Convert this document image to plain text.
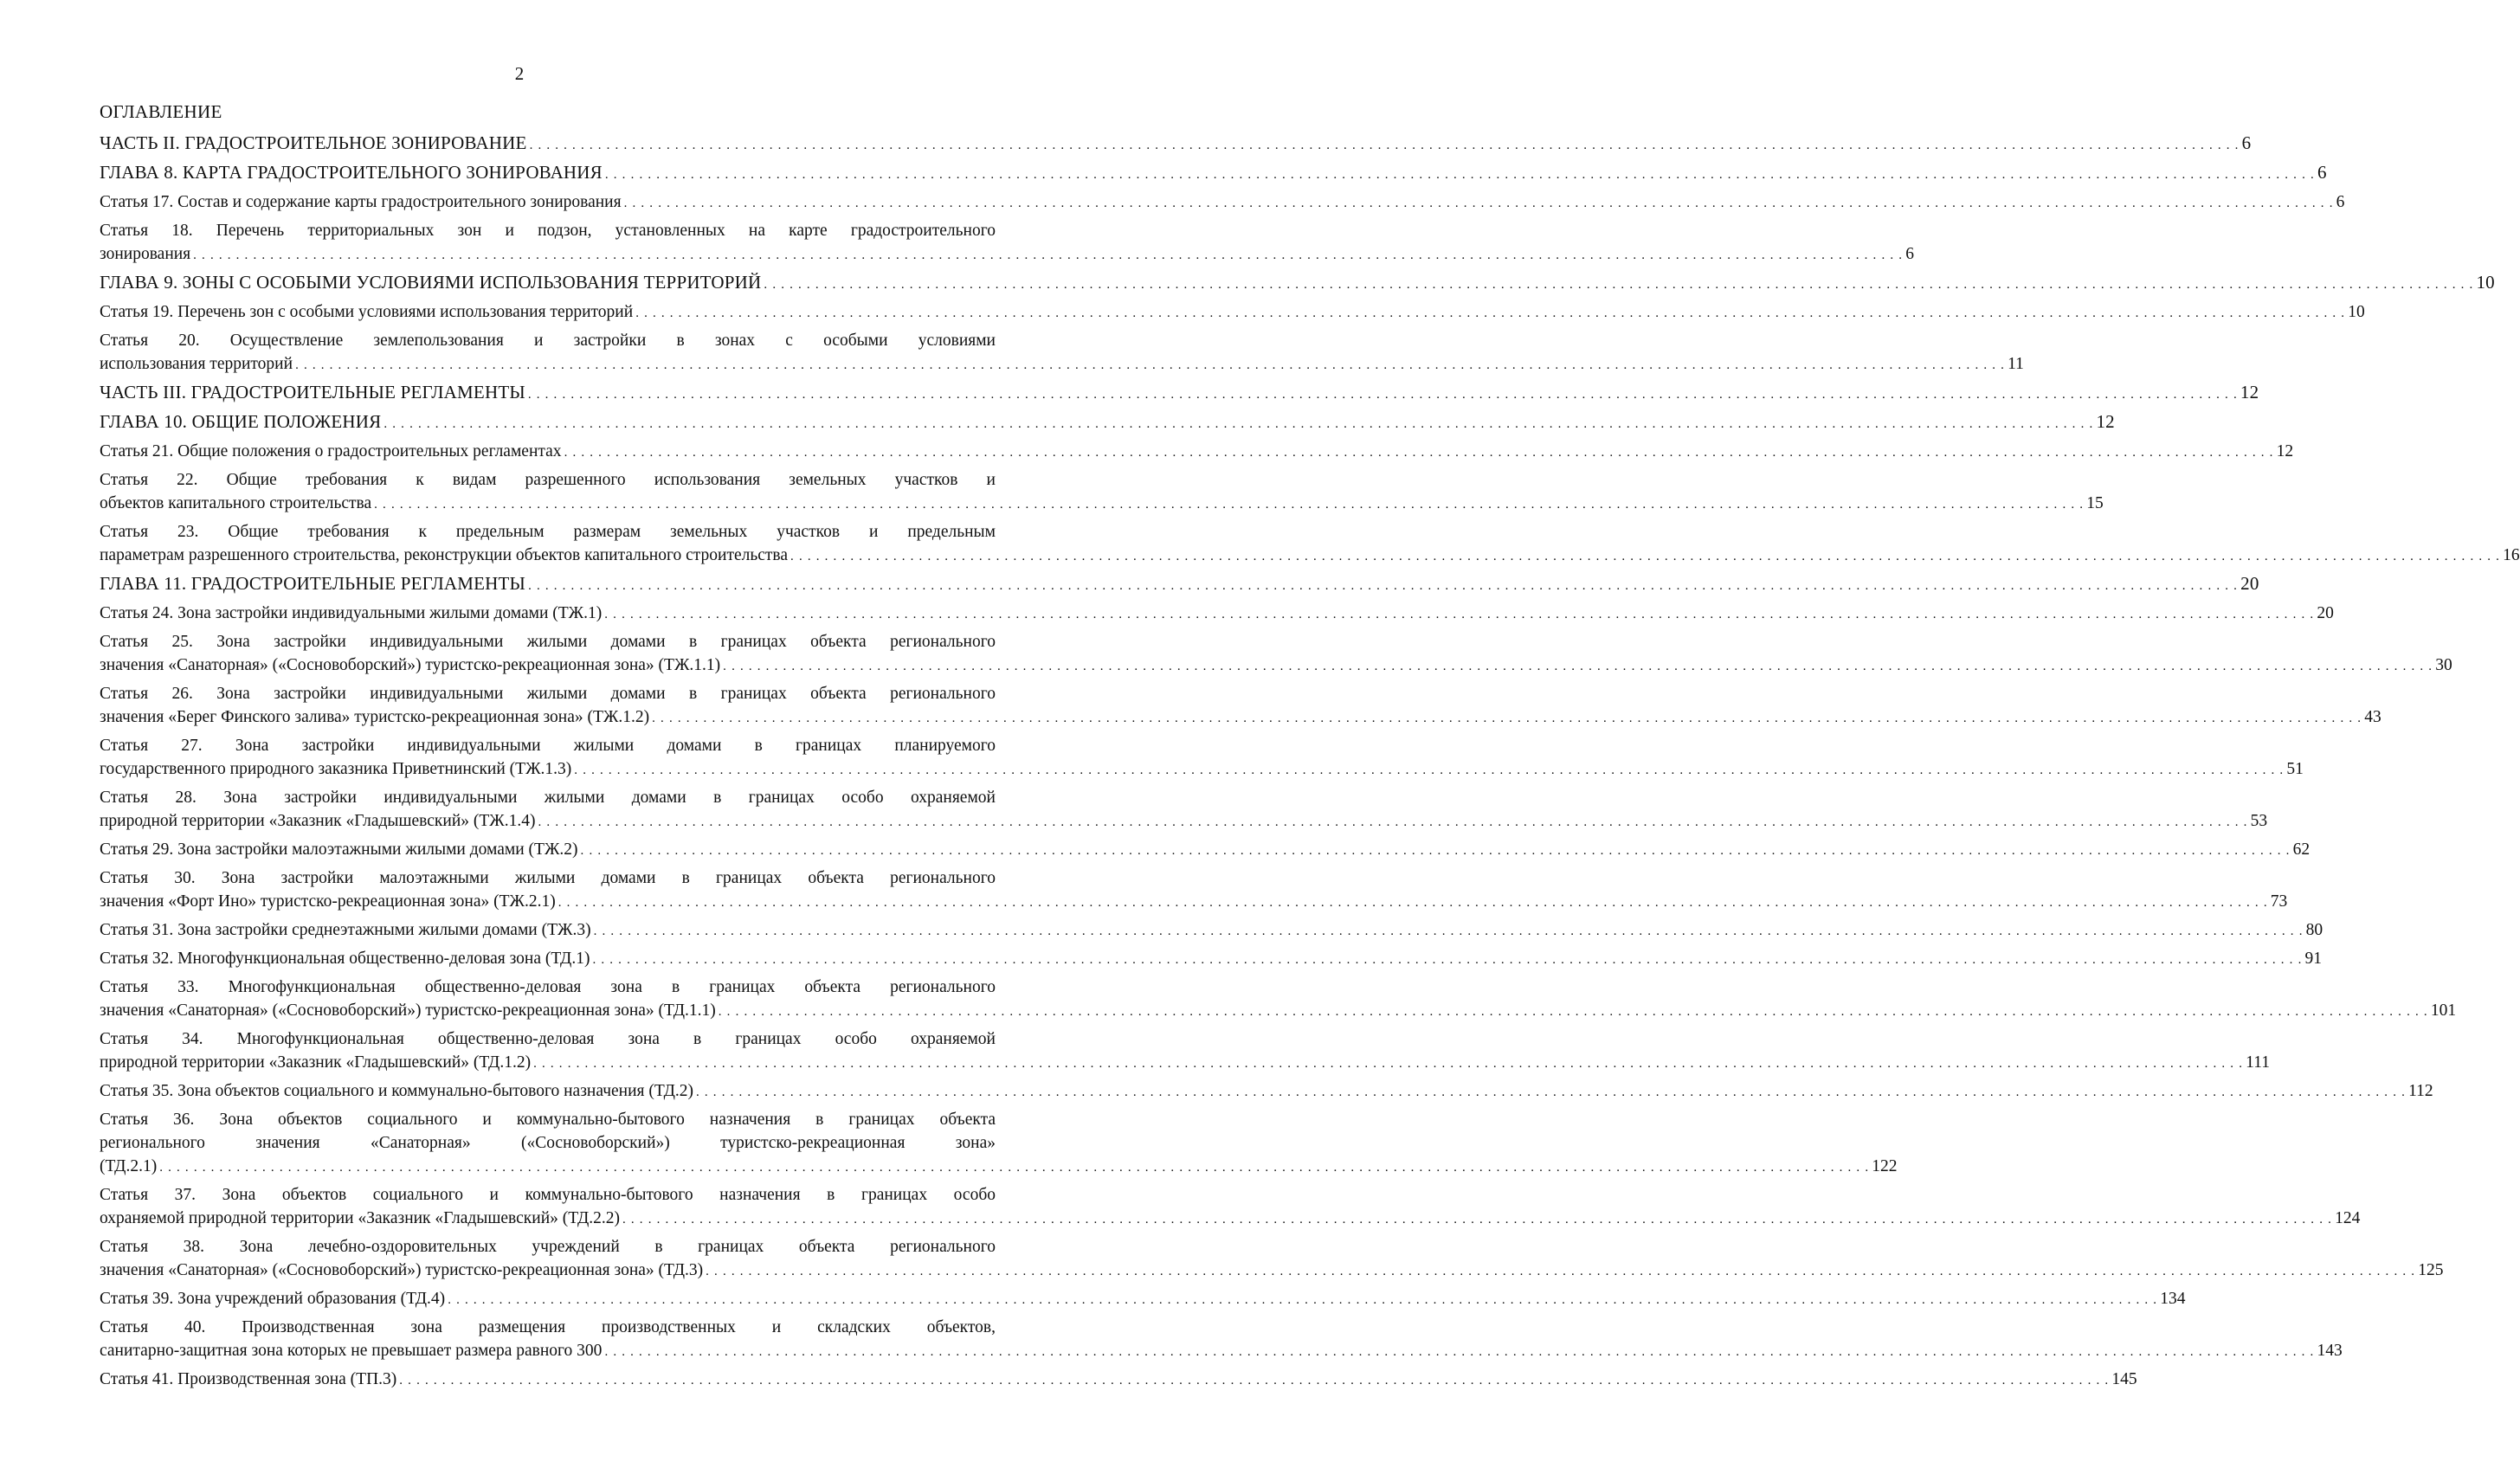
2
ОГЛАВЛЕНИЕ
ЧАСТЬ II. ГРАДОСТРОИТЕЛЬНОЕ ЗОНИРОВАНИЕ . . . . . . . . . . . . . . . . . . . . . . . . . . . . . . . . . . . . . . . . . . . . . . . . . . . . . . . . . . . . . . . . . . . . . . . . . . . . . . . . . . . . . . . . . . . . . . . . . . . . . . . . . . . . . . . . . . . . . . . . . . . . . . . . . . . . . . . . . . . . . . . . . . . . . . . . . . . . . . . . . . . . . . . . . . . . . . . . . . . . . . . . . . . . . . . . . . . . . . . . 6
ГЛАВА 8. КАРТА ГРАДОСТРОИТЕЛЬНОГО ЗОНИРОВАНИЯ . . . . . . . . . . . . . . . . . . . . . . . . . . . . . . . . . . . . . . . . . . . . . . . . . . . . . . . . . . . . . . . . . . . . . . . . . . . . . . . . . . . . . . . . . . . . . . . . . . . . . . . . . . . . . . . . . . . . . . . . . . . . . . . . . . . . . . . . . . . . . . . . . . . . . . . . . . . . . . . . . . . . . . . . . . . . . . . . . . . . . . . . . . . . . . . . . . . . . . . . 6
Статья 17. Состав и содержание карты градостроительного зонирования . . . . . . . . . . . . . . . . . . . . . . . . . . . . . . . . . . . . . . . . . . . . . . . . . . . . . . . . . . . . . . . . . . . . . . . . . . . . . . . . . . . . . . . . . . . . . . . . . . . . . . . . . . . . . . . . . . . . . . . . . . . . . . . . . . . . . . . . . . . . . . . . . . . . . . . . . . . . . . . . . . . . . . . . . . . . . . . . . . . . . . . . . . . . . . . . . . . . . . . . 6
Статья 18. Перечень территориальных зон и подзон, установленных на карте градостроительного
зонирования . . . . . . . . . . . . . . . . . . . . . . . . . . . . . . . . . . . . . . . . . . . . . . . . . . . . . . . . . . . . . . . . . . . . . . . . . . . . . . . . . . . . . . . . . . . . . . . . . . . . . . . . . . . . . . . . . . . . . . . . . . . . . . . . . . . . . . . . . . . . . . . . . . . . . . . . . . . . . . . . . . . . . . . . . . . . . . . . . . . . . . . . . . . . . . . . . . . . . . . . 6
ГЛАВА 9. ЗОНЫ С ОСОБЫМИ УСЛОВИЯМИ ИСПОЛЬЗОВАНИЯ ТЕРРИТОРИЙ . . . . . . . . . . . . . . . . . . . . . . . . . . . . . . . . . . . . . . . . . . . . . . . . . . . . . . . . . . . . . . . . . . . . . . . . . . . . . . . . . . . . . . . . . . . . . . . . . . . . . . . . . . . . . . . . . . . . . . . . . . . . . . . . . . . . . . . . . . . . . . . . . . . . . . . . . . . . . . . . . . . . . . . . . . . . . . . . . . . . . . . . . . . . . . . . . . . . . . . . 10
Статья 19. Перечень зон с особыми условиями использования территорий . . . . . . . . . . . . . . . . . . . . . . . . . . . . . . . . . . . . . . . . . . . . . . . . . . . . . . . . . . . . . . . . . . . . . . . . . . . . . . . . . . . . . . . . . . . . . . . . . . . . . . . . . . . . . . . . . . . . . . . . . . . . . . . . . . . . . . . . . . . . . . . . . . . . . . . . . . . . . . . . . . . . . . . . . . . . . . . . . . . . . . . . . . . . . . . . . . . . . . . . 10
Статья 20. Осуществление землепользования и застройки в зонах с особыми условиями
использования территорий . . . . . . . . . . . . . . . . . . . . . . . . . . . . . . . . . . . . . . . . . . . . . . . . . . . . . . . . . . . . . . . . . . . . . . . . . . . . . . . . . . . . . . . . . . . . . . . . . . . . . . . . . . . . . . . . . . . . . . . . . . . . . . . . . . . . . . . . . . . . . . . . . . . . . . . . . . . . . . . . . . . . . . . . . . . . . . . . . . . . . . . . . . . . . . . . . . . . . . . . 11
ЧАСТЬ III. ГРАДОСТРОИТЕЛЬНЫЕ РЕГЛАМЕНТЫ . . . . . . . . . . . . . . . . . . . . . . . . . . . . . . . . . . . . . . . . . . . . . . . . . . . . . . . . . . . . . . . . . . . . . . . . . . . . . . . . . . . . . . . . . . . . . . . . . . . . . . . . . . . . . . . . . . . . . . . . . . . . . . . . . . . . . . . . . . . . . . . . . . . . . . . . . . . . . . . . . . . . . . . . . . . . . . . . . . . . . . . . . . . . . . . . . . . . . . . . 12
ГЛАВА 10. ОБЩИЕ ПОЛОЖЕНИЯ . . . . . . . . . . . . . . . . . . . . . . . . . . . . . . . . . . . . . . . . . . . . . . . . . . . . . . . . . . . . . . . . . . . . . . . . . . . . . . . . . . . . . . . . . . . . . . . . . . . . . . . . . . . . . . . . . . . . . . . . . . . . . . . . . . . . . . . . . . . . . . . . . . . . . . . . . . . . . . . . . . . . . . . . . . . . . . . . . . . . . . . . . . . . . . . . . . . . . . . . 12
Статья 21. Общие положения о градостроительных регламентах . . . . . . . . . . . . . . . . . . . . . . . . . . . . . . . . . . . . . . . . . . . . . . . . . . . . . . . . . . . . . . . . . . . . . . . . . . . . . . . . . . . . . . . . . . . . . . . . . . . . . . . . . . . . . . . . . . . . . . . . . . . . . . . . . . . . . . . . . . . . . . . . . . . . . . . . . . . . . . . . . . . . . . . . . . . . . . . . . . . . . . . . . . . . . . . . . . . . . . . . 12
Статья 22. Общие требования к видам разрешенного использования земельных участков и
объектов капитального строительства . . . . . . . . . . . . . . . . . . . . . . . . . . . . . . . . . . . . . . . . . . . . . . . . . . . . . . . . . . . . . . . . . . . . . . . . . . . . . . . . . . . . . . . . . . . . . . . . . . . . . . . . . . . . . . . . . . . . . . . . . . . . . . . . . . . . . . . . . . . . . . . . . . . . . . . . . . . . . . . . . . . . . . . . . . . . . . . . . . . . . . . . . . . . . . . . . . . . . . . . 15
Статья 23. Общие требования к предельным размерам земельных участков и предельным
параметрам разрешенного строительства, реконструкции объектов капитального строительства . . . . . . . . . . . . . . . . . . . . . . . . . . . . . . . . . . . . . . . . . . . . . . . . . . . . . . . . . . . . . . . . . . . . . . . . . . . . . . . . . . . . . . . . . . . . . . . . . . . . . . . . . . . . . . . . . . . . . . . . . . . . . . . . . . . . . . . . . . . . . . . . . . . . . . . . . . . . . . . . . . . . . . . . . . . . . . . . . . . . . . . . . . . . . . . . . . . . . . . . 16
ГЛАВА 11. ГРАДОСТРОИТЕЛЬНЫЕ РЕГЛАМЕНТЫ . . . . . . . . . . . . . . . . . . . . . . . . . . . . . . . . . . . . . . . . . . . . . . . . . . . . . . . . . . . . . . . . . . . . . . . . . . . . . . . . . . . . . . . . . . . . . . . . . . . . . . . . . . . . . . . . . . . . . . . . . . . . . . . . . . . . . . . . . . . . . . . . . . . . . . . . . . . . . . . . . . . . . . . . . . . . . . . . . . . . . . . . . . . . . . . . . . . . . . . . 20
Статья 24. Зона застройки индивидуальными жилыми домами (ТЖ.1) . . . . . . . . . . . . . . . . . . . . . . . . . . . . . . . . . . . . . . . . . . . . . . . . . . . . . . . . . . . . . . . . . . . . . . . . . . . . . . . . . . . . . . . . . . . . . . . . . . . . . . . . . . . . . . . . . . . . . . . . . . . . . . . . . . . . . . . . . . . . . . . . . . . . . . . . . . . . . . . . . . . . . . . . . . . . . . . . . . . . . . . . . . . . . . . . . . . . . . . . 20
Статья 25. Зона застройки индивидуальными жилыми домами в границах объекта регионального
значения «Санаторная» («Сосновоборский») туристско-рекреационная зона» (ТЖ.1.1) . . . . . . . . . . . . . . . . . . . . . . . . . . . . . . . . . . . . . . . . . . . . . . . . . . . . . . . . . . . . . . . . . . . . . . . . . . . . . . . . . . . . . . . . . . . . . . . . . . . . . . . . . . . . . . . . . . . . . . . . . . . . . . . . . . . . . . . . . . . . . . . . . . . . . . . . . . . . . . . . . . . . . . . . . . . . . . . . . . . . . . . . . . . . . . . . . . . . . . . . 30
Статья 26. Зона застройки индивидуальными жилыми домами в границах объекта регионального
значения «Берег Финского залива» туристско-рекреационная зона» (ТЖ.1.2) . . . . . . . . . . . . . . . . . . . . . . . . . . . . . . . . . . . . . . . . . . . . . . . . . . . . . . . . . . . . . . . . . . . . . . . . . . . . . . . . . . . . . . . . . . . . . . . . . . . . . . . . . . . . . . . . . . . . . . . . . . . . . . . . . . . . . . . . . . . . . . . . . . . . . . . . . . . . . . . . . . . . . . . . . . . . . . . . . . . . . . . . . . . . . . . . . . . . . . . . 43
Статья 27. Зона застройки индивидуальными жилыми домами в границах планируемого
государственного природного заказника Приветнинский (ТЖ.1.3) . . . . . . . . . . . . . . . . . . . . . . . . . . . . . . . . . . . . . . . . . . . . . . . . . . . . . . . . . . . . . . . . . . . . . . . . . . . . . . . . . . . . . . . . . . . . . . . . . . . . . . . . . . . . . . . . . . . . . . . . . . . . . . . . . . . . . . . . . . . . . . . . . . . . . . . . . . . . . . . . . . . . . . . . . . . . . . . . . . . . . . . . . . . . . . . . . . . . . . . . 51
Статья 28. Зона застройки индивидуальными жилыми домами в границах особо охраняемой
природной территории «Заказник «Гладышевский» (ТЖ.1.4) . . . . . . . . . . . . . . . . . . . . . . . . . . . . . . . . . . . . . . . . . . . . . . . . . . . . . . . . . . . . . . . . . . . . . . . . . . . . . . . . . . . . . . . . . . . . . . . . . . . . . . . . . . . . . . . . . . . . . . . . . . . . . . . . . . . . . . . . . . . . . . . . . . . . . . . . . . . . . . . . . . . . . . . . . . . . . . . . . . . . . . . . . . . . . . . . . . . . . . . . 53
Статья 29. Зона застройки малоэтажными жилыми домами (ТЖ.2) . . . . . . . . . . . . . . . . . . . . . . . . . . . . . . . . . . . . . . . . . . . . . . . . . . . . . . . . . . . . . . . . . . . . . . . . . . . . . . . . . . . . . . . . . . . . . . . . . . . . . . . . . . . . . . . . . . . . . . . . . . . . . . . . . . . . . . . . . . . . . . . . . . . . . . . . . . . . . . . . . . . . . . . . . . . . . . . . . . . . . . . . . . . . . . . . . . . . . . . . 62
Статья 30. Зона застройки малоэтажными жилыми домами в границах объекта регионального
значения «Форт Ино» туристско-рекреационная зона» (ТЖ.2.1) . . . . . . . . . . . . . . . . . . . . . . . . . . . . . . . . . . . . . . . . . . . . . . . . . . . . . . . . . . . . . . . . . . . . . . . . . . . . . . . . . . . . . . . . . . . . . . . . . . . . . . . . . . . . . . . . . . . . . . . . . . . . . . . . . . . . . . . . . . . . . . . . . . . . . . . . . . . . . . . . . . . . . . . . . . . . . . . . . . . . . . . . . . . . . . . . . . . . . . . . 73
Статья 31. Зона застройки среднеэтажными жилыми домами (ТЖ.3) . . . . . . . . . . . . . . . . . . . . . . . . . . . . . . . . . . . . . . . . . . . . . . . . . . . . . . . . . . . . . . . . . . . . . . . . . . . . . . . . . . . . . . . . . . . . . . . . . . . . . . . . . . . . . . . . . . . . . . . . . . . . . . . . . . . . . . . . . . . . . . . . . . . . . . . . . . . . . . . . . . . . . . . . . . . . . . . . . . . . . . . . . . . . . . . . . . . . . . . . 80
Статья 32. Многофункциональная общественно-деловая зона (ТД.1) . . . . . . . . . . . . . . . . . . . . . . . . . . . . . . . . . . . . . . . . . . . . . . . . . . . . . . . . . . . . . . . . . . . . . . . . . . . . . . . . . . . . . . . . . . . . . . . . . . . . . . . . . . . . . . . . . . . . . . . . . . . . . . . . . . . . . . . . . . . . . . . . . . . . . . . . . . . . . . . . . . . . . . . . . . . . . . . . . . . . . . . . . . . . . . . . . . . . . . . . 91
Статья 33. Многофункциональная общественно-деловая зона в границах объекта регионального
значения «Санаторная» («Сосновоборский») туристско-рекреационная зона» (ТД.1.1) . . . . . . . . . . . . . . . . . . . . . . . . . . . . . . . . . . . . . . . . . . . . . . . . . . . . . . . . . . . . . . . . . . . . . . . . . . . . . . . . . . . . . . . . . . . . . . . . . . . . . . . . . . . . . . . . . . . . . . . . . . . . . . . . . . . . . . . . . . . . . . . . . . . . . . . . . . . . . . . . . . . . . . . . . . . . . . . . . . . . . . . . . . . . . . . . . . . . . . . . 101
Статья 34. Многофункциональная общественно-деловая зона в границах особо охраняемой
природной территории «Заказник «Гладышевский» (ТД.1.2) . . . . . . . . . . . . . . . . . . . . . . . . . . . . . . . . . . . . . . . . . . . . . . . . . . . . . . . . . . . . . . . . . . . . . . . . . . . . . . . . . . . . . . . . . . . . . . . . . . . . . . . . . . . . . . . . . . . . . . . . . . . . . . . . . . . . . . . . . . . . . . . . . . . . . . . . . . . . . . . . . . . . . . . . . . . . . . . . . . . . . . . . . . . . . . . . . . . . . . . . 111
Статья 35. Зона объектов социального и коммунально-бытового назначения (ТД.2) . . . . . . . . . . . . . . . . . . . . . . . . . . . . . . . . . . . . . . . . . . . . . . . . . . . . . . . . . . . . . . . . . . . . . . . . . . . . . . . . . . . . . . . . . . . . . . . . . . . . . . . . . . . . . . . . . . . . . . . . . . . . . . . . . . . . . . . . . . . . . . . . . . . . . . . . . . . . . . . . . . . . . . . . . . . . . . . . . . . . . . . . . . . . . . . . . . . . . . . . 112
Статья 36. Зона объектов социального и коммунально-бытового назначения в границах объекта
регионального значения «Санаторная» («Сосновоборский») туристско-рекреационная зона»
(ТД.2.1) . . . . . . . . . . . . . . . . . . . . . . . . . . . . . . . . . . . . . . . . . . . . . . . . . . . . . . . . . . . . . . . . . . . . . . . . . . . . . . . . . . . . . . . . . . . . . . . . . . . . . . . . . . . . . . . . . . . . . . . . . . . . . . . . . . . . . . . . . . . . . . . . . . . . . . . . . . . . . . . . . . . . . . . . . . . . . . . . . . . . . . . . . . . . . . . . . . . . . . . . 122
Статья 37. Зона объектов социального и коммунально-бытового назначения в границах особо
охраняемой природной территории «Заказник «Гладышевский» (ТД.2.2) . . . . . . . . . . . . . . . . . . . . . . . . . . . . . . . . . . . . . . . . . . . . . . . . . . . . . . . . . . . . . . . . . . . . . . . . . . . . . . . . . . . . . . . . . . . . . . . . . . . . . . . . . . . . . . . . . . . . . . . . . . . . . . . . . . . . . . . . . . . . . . . . . . . . . . . . . . . . . . . . . . . . . . . . . . . . . . . . . . . . . . . . . . . . . . . . . . . . . . . . 124
Статья 38. Зона лечебно-оздоровительных учреждений в границах объекта регионального
значения «Санаторная» («Сосновоборский») туристско-рекреационная зона» (ТД.3) . . . . . . . . . . . . . . . . . . . . . . . . . . . . . . . . . . . . . . . . . . . . . . . . . . . . . . . . . . . . . . . . . . . . . . . . . . . . . . . . . . . . . . . . . . . . . . . . . . . . . . . . . . . . . . . . . . . . . . . . . . . . . . . . . . . . . . . . . . . . . . . . . . . . . . . . . . . . . . . . . . . . . . . . . . . . . . . . . . . . . . . . . . . . . . . . . . . . . . . . 125
Статья 39. Зона учреждений образования (ТД.4) . . . . . . . . . . . . . . . . . . . . . . . . . . . . . . . . . . . . . . . . . . . . . . . . . . . . . . . . . . . . . . . . . . . . . . . . . . . . . . . . . . . . . . . . . . . . . . . . . . . . . . . . . . . . . . . . . . . . . . . . . . . . . . . . . . . . . . . . . . . . . . . . . . . . . . . . . . . . . . . . . . . . . . . . . . . . . . . . . . . . . . . . . . . . . . . . . . . . . . . . 134
Статья 40. Производственная зона размещения производственных и складских объектов,
санитарно-защитная зона которых не превышает размера равного 300 . . . . . . . . . . . . . . . . . . . . . . . . . . . . . . . . . . . . . . . . . . . . . . . . . . . . . . . . . . . . . . . . . . . . . . . . . . . . . . . . . . . . . . . . . . . . . . . . . . . . . . . . . . . . . . . . . . . . . . . . . . . . . . . . . . . . . . . . . . . . . . . . . . . . . . . . . . . . . . . . . . . . . . . . . . . . . . . . . . . . . . . . . . . . . . . . . . . . . . . . 143
Статья 41. Производственная зона (ТП.3) . . . . . . . . . . . . . . . . . . . . . . . . . . . . . . . . . . . . . . . . . . . . . . . . . . . . . . . . . . . . . . . . . . . . . . . . . . . . . . . . . . . . . . . . . . . . . . . . . . . . . . . . . . . . . . . . . . . . . . . . . . . . . . . . . . . . . . . . . . . . . . . . . . . . . . . . . . . . . . . . . . . . . . . . . . . . . . . . . . . . . . . . . . . . . . . . . . . . . . . . 145
